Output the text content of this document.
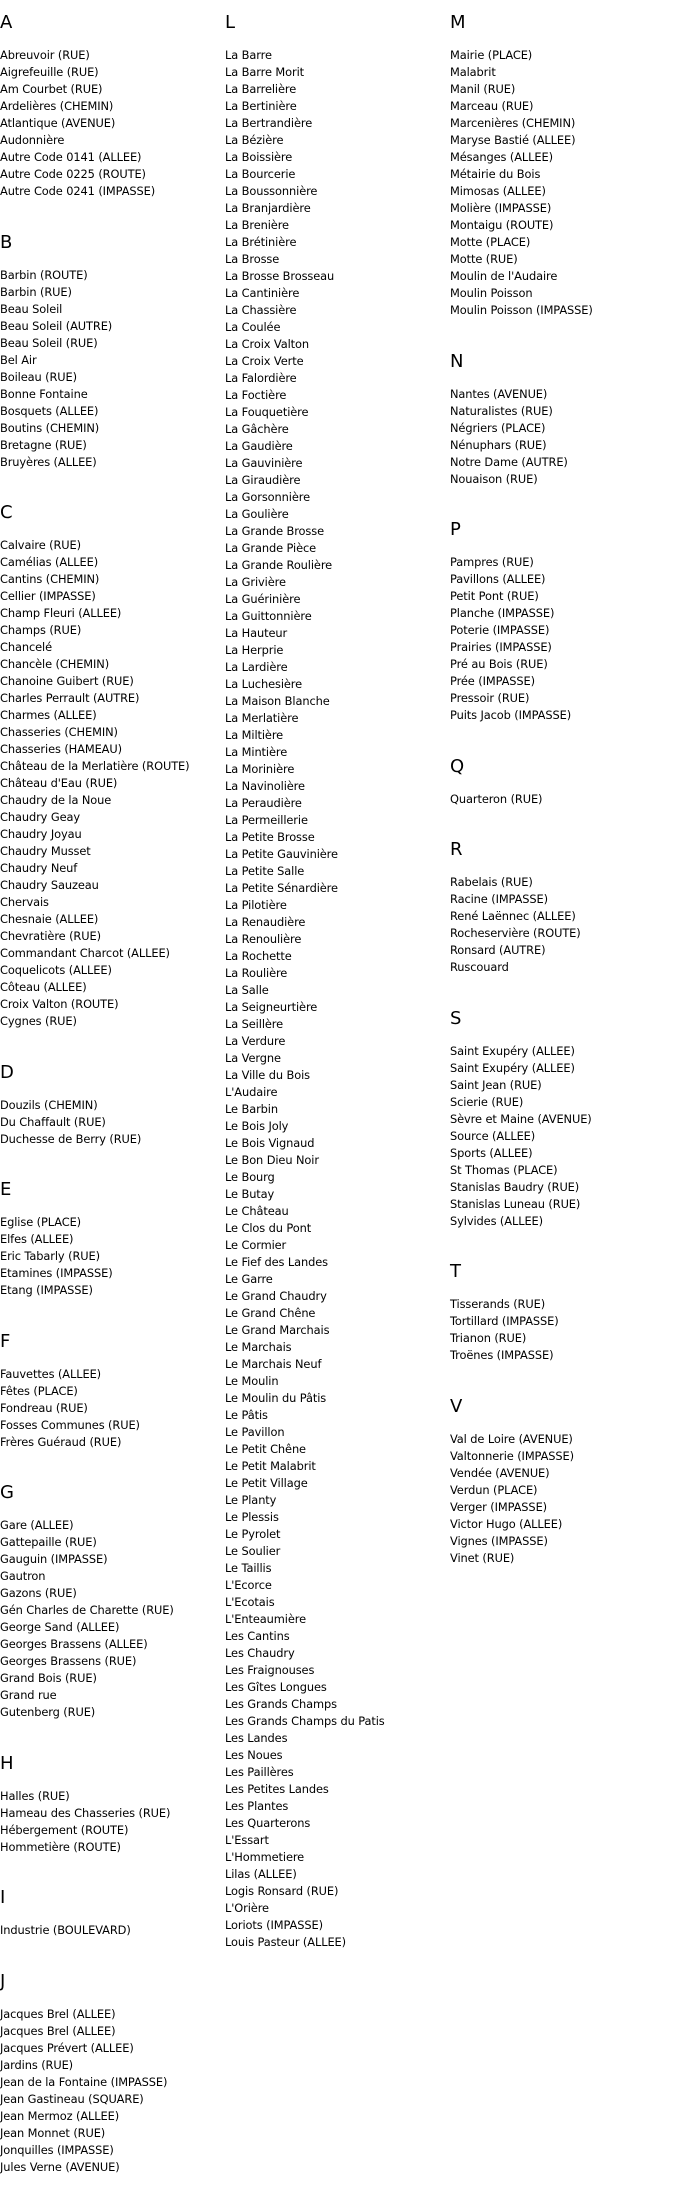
A
Abreuvoir (RUE)
Aigrefeuille (RUE)
Am Courbet (RUE)
Ardelières (CHEMIN)
Atlantique (AVENUE)
Audonnière
Autre Code 0141 (ALLEE)
Autre Code 0225 (ROUTE)
Autre Code 0241 (IMPASSE)
B
Barbin (ROUTE)
Barbin (RUE)
Beau Soleil
Beau Soleil (AUTRE)
Beau Soleil (RUE)
Bel Air
Boileau (RUE)
Bonne Fontaine
Bosquets (ALLEE)
Boutins (CHEMIN)
Bretagne (RUE)
Bruyères (ALLEE)
C
Calvaire (RUE)
Camélias (ALLEE)
Cantins (CHEMIN)
Cellier (IMPASSE)
Champ Fleuri (ALLEE)
Champs (RUE)
Chancelé
Chancèle (CHEMIN)
Chanoine Guibert (RUE)
Charles Perrault (AUTRE)
Charmes (ALLEE)
Chasseries (CHEMIN)
Chasseries (HAMEAU)
Château de la Merlatière (ROUTE)
Château d'Eau (RUE)
Chaudry de la Noue
Chaudry Geay
Chaudry Joyau
Chaudry Musset
Chaudry Neuf
Chaudry Sauzeau
Chervais
Chesnaie (ALLEE)
Chevratière (RUE)
Commandant Charcot (ALLEE)
Coquelicots (ALLEE)
Côteau (ALLEE)
Croix Valton (ROUTE)
Cygnes (RUE)
D
Douzils (CHEMIN)
Du Chaffault (RUE)
Duchesse de Berry (RUE)
E
Eglise (PLACE)
Elfes (ALLEE)
Eric Tabarly (RUE)
Etamines (IMPASSE)
Etang (IMPASSE)
F
Fauvettes (ALLEE)
Fêtes (PLACE)
Fondreau (RUE)
Fosses Communes (RUE)
Frères Guéraud (RUE)
G
Gare (ALLEE)
Gattepaille (RUE)
Gauguin (IMPASSE)
Gautron
Gazons (RUE)
Gén Charles de Charette (RUE)
George Sand (ALLEE)
Georges Brassens (ALLEE)
Georges Brassens (RUE)
Grand Bois (RUE)
Grand rue
Gutenberg (RUE)
H
Halles (RUE)
Hameau des Chasseries (RUE)
Hébergement (ROUTE)
Hommetière (ROUTE)
I
Industrie (BOULEVARD)
J
Jacques Brel (ALLEE)
Jacques Brel (ALLEE)
Jacques Prévert (ALLEE)
Jardins (RUE)
Jean de la Fontaine (IMPASSE)
Jean Gastineau (SQUARE)
Jean Mermoz (ALLEE)
Jean Monnet (RUE)
Jonquilles (IMPASSE)
Jules Verne (AVENUE)
L
La Barre
La Barre Morit
La Barrelière
La Bertinière
La Bertrandière
La Bézière
La Boissière
La Bourcerie
La Boussonnière
La Branjardière
La Brenière
La Brétinière
La Brosse
La Brosse Brosseau
La Cantinière
La Chassière
La Coulée
La Croix Valton
La Croix Verte
La Falordière
La Foctière
La Fouquetière
La Gâchère
La Gaudière
La Gauvinière
La Giraudière
La Gorsonnière
La Goulière
La Grande Brosse
La Grande Pièce
La Grande Roulière
La Grivière
La Guérinière
La Guittonnière
La Hauteur
La Herprie
La Lardière
La Luchesière
La Maison Blanche
La Merlatière
La Miltière
La Mintière
La Morinière
La Navinolière
La Peraudière
La Permeillerie
La Petite Brosse
La Petite Gauvinière
La Petite Salle
La Petite Sénardière
La Pilotière
La Renaudière
La Renoulière
La Rochette
La Roulière
La Salle
La Seigneurtière
La Seillère
La Verdure
La Vergne
La Ville du Bois
L'Audaire
Le Barbin
Le Bois Joly
Le Bois Vignaud
Le Bon Dieu Noir
Le Bourg
Le Butay
Le Château
Le Clos du Pont
Le Cormier
Le Fief des Landes
Le Garre
Le Grand Chaudry
Le Grand Chêne
Le Grand Marchais
Le Marchais
Le Marchais Neuf
Le Moulin
Le Moulin du Pâtis
Le Pâtis
Le Pavillon
Le Petit Chêne
Le Petit Malabrit
Le Petit Village
Le Planty
Le Plessis
Le Pyrolet
Le Soulier
Le Taillis
L'Ecorce
L'Ecotais
L'Enteaumière
Les Cantins
Les Chaudry
Les Fraignouses
Les Gîtes Longues
Les Grands Champs
Les Grands Champs du Patis
Les Landes
Les Noues
Les Paillères
Les Petites Landes
Les Plantes
Les Quarterons
L'Essart
L'Hommetiere
Lilas (ALLEE)
Logis Ronsard (RUE)
L'Orière
Loriots (IMPASSE)
Louis Pasteur (ALLEE)
M
Mairie (PLACE)
Malabrit
Manil (RUE)
Marceau (RUE)
Marcenières (CHEMIN)
Maryse Bastié (ALLEE)
Mésanges (ALLEE)
Métairie du Bois
Mimosas (ALLEE)
Molière (IMPASSE)
Montaigu (ROUTE)
Motte (PLACE)
Motte (RUE)
Moulin de l'Audaire
Moulin Poisson
Moulin Poisson (IMPASSE)
N
Nantes (AVENUE)
Naturalistes (RUE)
Négriers (PLACE)
Nénuphars (RUE)
Notre Dame (AUTRE)
Nouaison (RUE)
P
Pampres (RUE)
Pavillons (ALLEE)
Petit Pont (RUE)
Planche (IMPASSE)
Poterie (IMPASSE)
Prairies (IMPASSE)
Pré au Bois (RUE)
Prée (IMPASSE)
Pressoir (RUE)
Puits Jacob (IMPASSE)
Q
Quarteron (RUE)
R
Rabelais (RUE)
Racine (IMPASSE)
René Laënnec (ALLEE)
Rocheservière (ROUTE)
Ronsard (AUTRE)
Ruscouard
S
Saint Exupéry (ALLEE)
Saint Exupéry (ALLEE)
Saint Jean (RUE)
Scierie (RUE)
Sèvre et Maine (AVENUE)
Source (ALLEE)
Sports (ALLEE)
St Thomas (PLACE)
Stanislas Baudry (RUE)
Stanislas Luneau (RUE)
Sylvides (ALLEE)
T
Tisserands (RUE)
Tortillard (IMPASSE)
Trianon (RUE)
Troënes (IMPASSE)
V
Val de Loire (AVENUE)
Valtonnerie (IMPASSE)
Vendée (AVENUE)
Verdun (PLACE)
Verger (IMPASSE)
Victor Hugo (ALLEE)
Vignes (IMPASSE)
Vinet (RUE)
